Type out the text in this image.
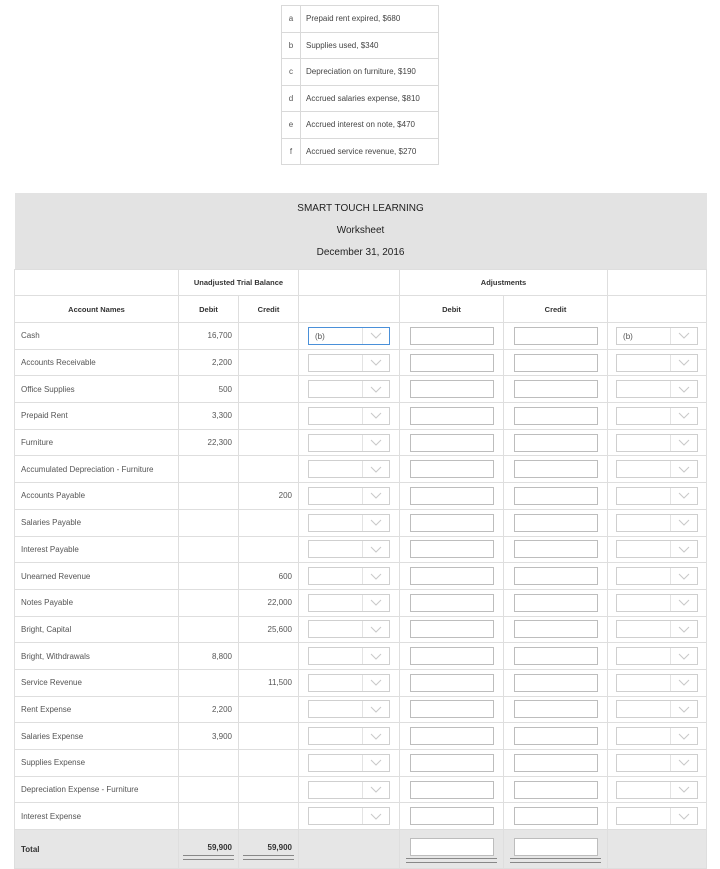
a	Prepaid rent expired, $680
b	Supplies used, $340
c	Depreciation on furniture, $190
d	Accrued salaries expense, $810
e	Accrued interest on note, $470
f	Accrued service revenue, $270
SMART TOUCH LEARNING						
Worksheet						
December 31, 2016						
	Unadjusted Trial Balance			Adjustments		
Account Names	Debit	Credit		Debit	Credit	
Cash	16,700		(b)			(b)

Accounts Receivable	2,200		

Office Supplies	500		

Prepaid Rent	3,300		

Furniture	22,300		

Accumulated Depreciation - Furniture			

Accounts Payable		200	

Salaries Payable			

Interest Payable			

Unearned Revenue		600	

Notes Payable		22,000	

Bright, Capital		25,600	

Bright, Withdrawals	8,800		

Service Revenue		11,500	

Rent Expense	2,200		

Salaries Expense	3,900		

Supplies Expense			

Depreciation Expense - Furniture			

Interest Expense			

Total	59,900	59,900
